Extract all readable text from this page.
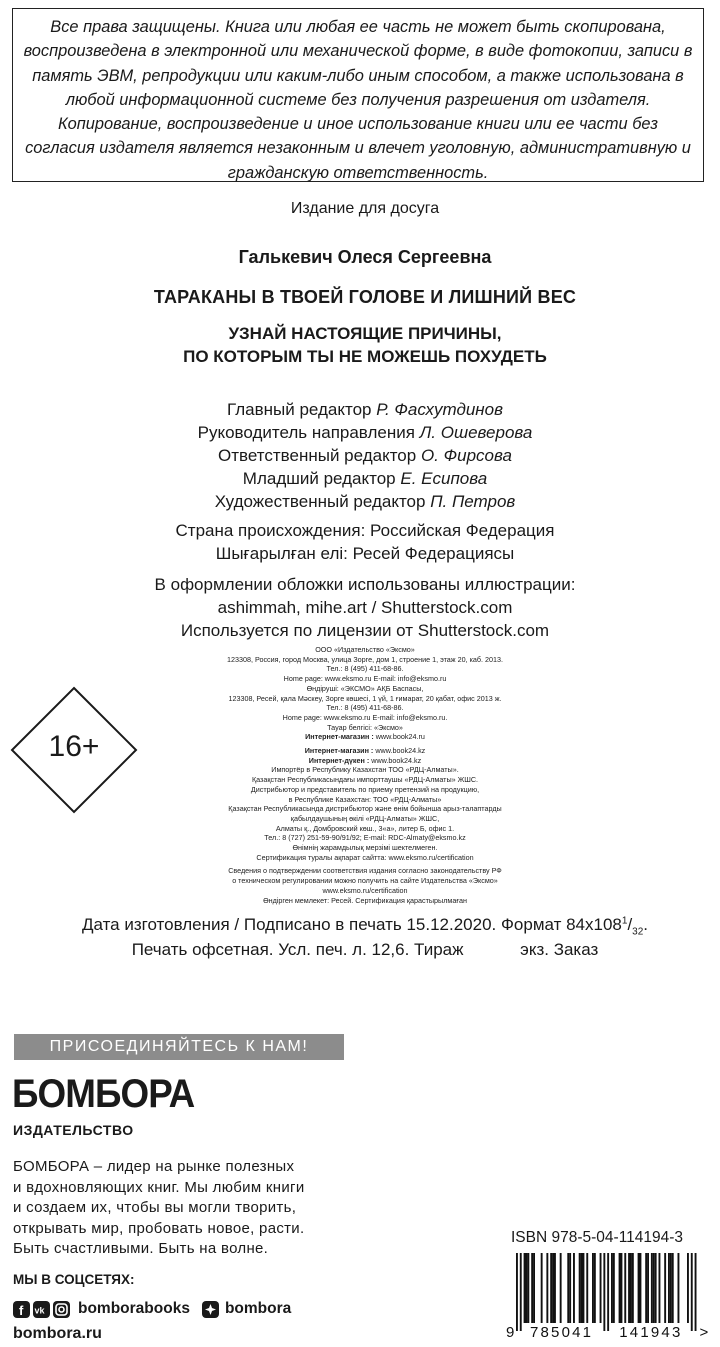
Все права защищены. Книга или любая ее часть не может быть скопирована, воспроизведена в электронной или механической форме, в виде фотокопии, записи в память ЭВМ, репродукции или каким-либо иным способом, а также использована в любой информационной системе без получения разрешения от издателя. Копирование, воспроизведение и иное использование книги или ее части без согласия издателя является незаконным и влечет уголовную, административную и гражданскую ответственность.
Издание для досуга
Галькевич Олеся Сергеевна
ТАРАКАНЫ В ТВОЕЙ ГОЛОВЕ И ЛИШНИЙ ВЕС
УЗНАЙ НАСТОЯЩИЕ ПРИЧИНЫ,
ПО КОТОРЫМ ТЫ НЕ МОЖЕШЬ ПОХУДЕТЬ
Главный редактор Р. Фасхутдинов
Руководитель направления Л. Ошеверова
Ответственный редактор О. Фирсова
Младший редактор Е. Есипова
Художественный редактор П. Петров
Страна происхождения: Российская Федерация
Шығарылған елі: Ресей Федерациясы
В оформлении обложки использованы иллюстрации:
ashimmah, mihe.art / Shutterstock.com
Используется по лицензии от Shutterstock.com
ООО «Издательство «Эксмо»
123308, Россия, город Москва, улица Зорге, дом 1, строение 1, этаж 20, каб. 2013.
Тел.: 8 (495) 411-68-86.
Home page: www.eksmo.ru E-mail: info@eksmo.ru
Өндіруші: «ЭКСМО» АҚБ Баспасы,
123308, Ресей, қала Мәскеу, Зорге көшесі, 1 үй, 1 ғимарат, 20 қабат, офис 2013 ж.
Тел.: 8 (495) 411-68-86.
Home page: www.eksmo.ru E-mail: info@eksmo.ru.
Тауар белгісі: «Эксмо»
Интернет-магазин : www.book24.ru
Интернет-магазин : www.book24.kz
Интернет-дүкен : www.book24.kz
Импортёр в Республику Казахстан ТОО «РДЦ-Алматы».
Қазақстан Республикасындағы импорттаушы «РДЦ-Алматы» ЖШС.
Дистрибьютор и представитель по приему претензий на продукцию,
в Республике Казахстан: ТОО «РДЦ-Алматы»
Қазақстан Республикасында дистрибьютор және өнім бойынша арыз-талаптарды
қабылдаушының өкілі «РДЦ-Алматы» ЖШС,
Алматы қ., Домбровский көш., 3«а», литер Б, офис 1.
Тел.: 8 (727) 251-59-90/91/92; E-mail: RDC-Almaty@eksmo.kz
Өнімнің жарамдылық мерзімі шектелмеген.
Сертификация туралы ақпарат сайтта: www.eksmo.ru/certification
Сведения о подтверждении соответствия издания согласно законодательству РФ
о техническом регулировании можно получить на сайте Издательства «Эксмо»
www.eksmo.ru/certification
Өндірген мемлекет: Ресей. Сертификация қарастырылмаған
16+
Дата изготовления / Подписано в печать 15.12.2020. Формат $84x108^1/_{32}$.
Печать офсетная. Усл. печ. л. 12,6. Тираж            экз. Заказ
ПРИСОЕДИНЯЙТЕСЬ К НАМ!
БОМБОРА
ИЗДАТЕЛЬСТВО
БОМБОРА – лидер на рынке полезных
и вдохновляющих книг. Мы любим книги
и создаем их, чтобы вы могли творить,
открывать мир, пробовать новое, расти.
Быть счастливыми. Быть на волне.
МЫ В СОЦСЕТЯХ:
f vk bomborabooks bombora
bombora.ru
ISBN 978-5-04-114194-3
9 785041 141943 >
